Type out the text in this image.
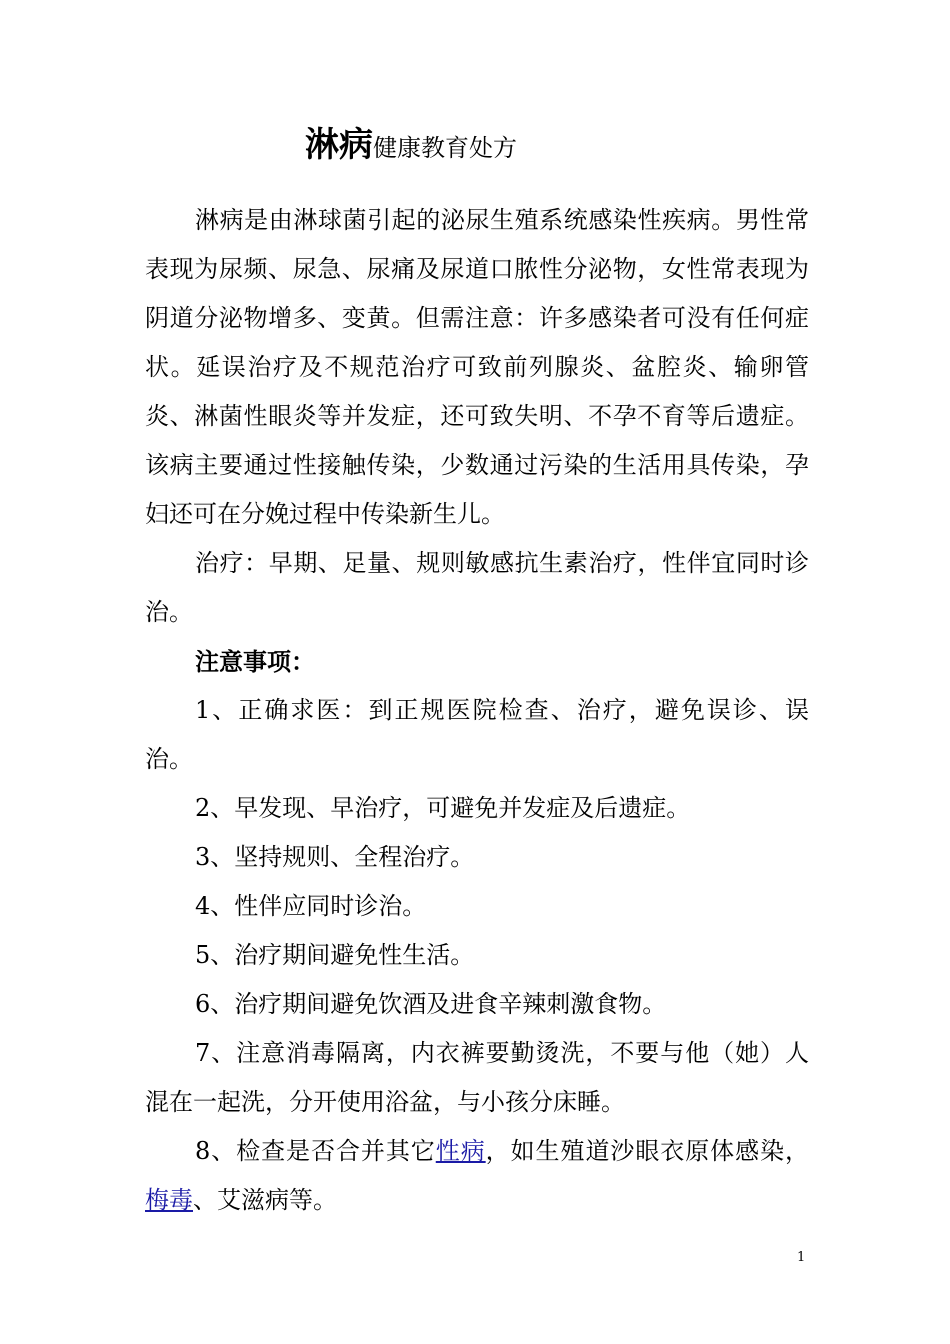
淋病健康教育处方

淋病是由淋球菌引起的泌尿生殖系统感染性疾病。男性常表现为尿频、尿急、尿痛及尿道口脓性分泌物，女性常表现为阴道分泌物增多、变黄。但需注意：许多感染者可没有任何症状。延误治疗及不规范治疗可致前列腺炎、盆腔炎、输卵管炎、淋菌性眼炎等并发症，还可致失明、不孕不育等后遗症。该病主要通过性接触传染，少数通过污染的生活用具传染，孕妇还可在分娩过程中传染新生儿。

治疗：早期、足量、规则敏感抗生素治疗，性伴宜同时诊治。

注意事项：

1、正确求医：到正规医院检查、治疗，避免误诊、误治。

2、早发现、早治疗，可避免并发症及后遗症。

3、坚持规则、全程治疗。

4、性伴应同时诊治。

5、治疗期间避免性生活。

6、治疗期间避免饮酒及进食辛辣刺激食物。

7、注意消毒隔离，内衣裤要勤烫洗，不要与他（她）人混在一起洗，分开使用浴盆，与小孩分床睡。

8、检查是否合并其它性病，如生殖道沙眼衣原体感染，梅毒、艾滋病等。

1
